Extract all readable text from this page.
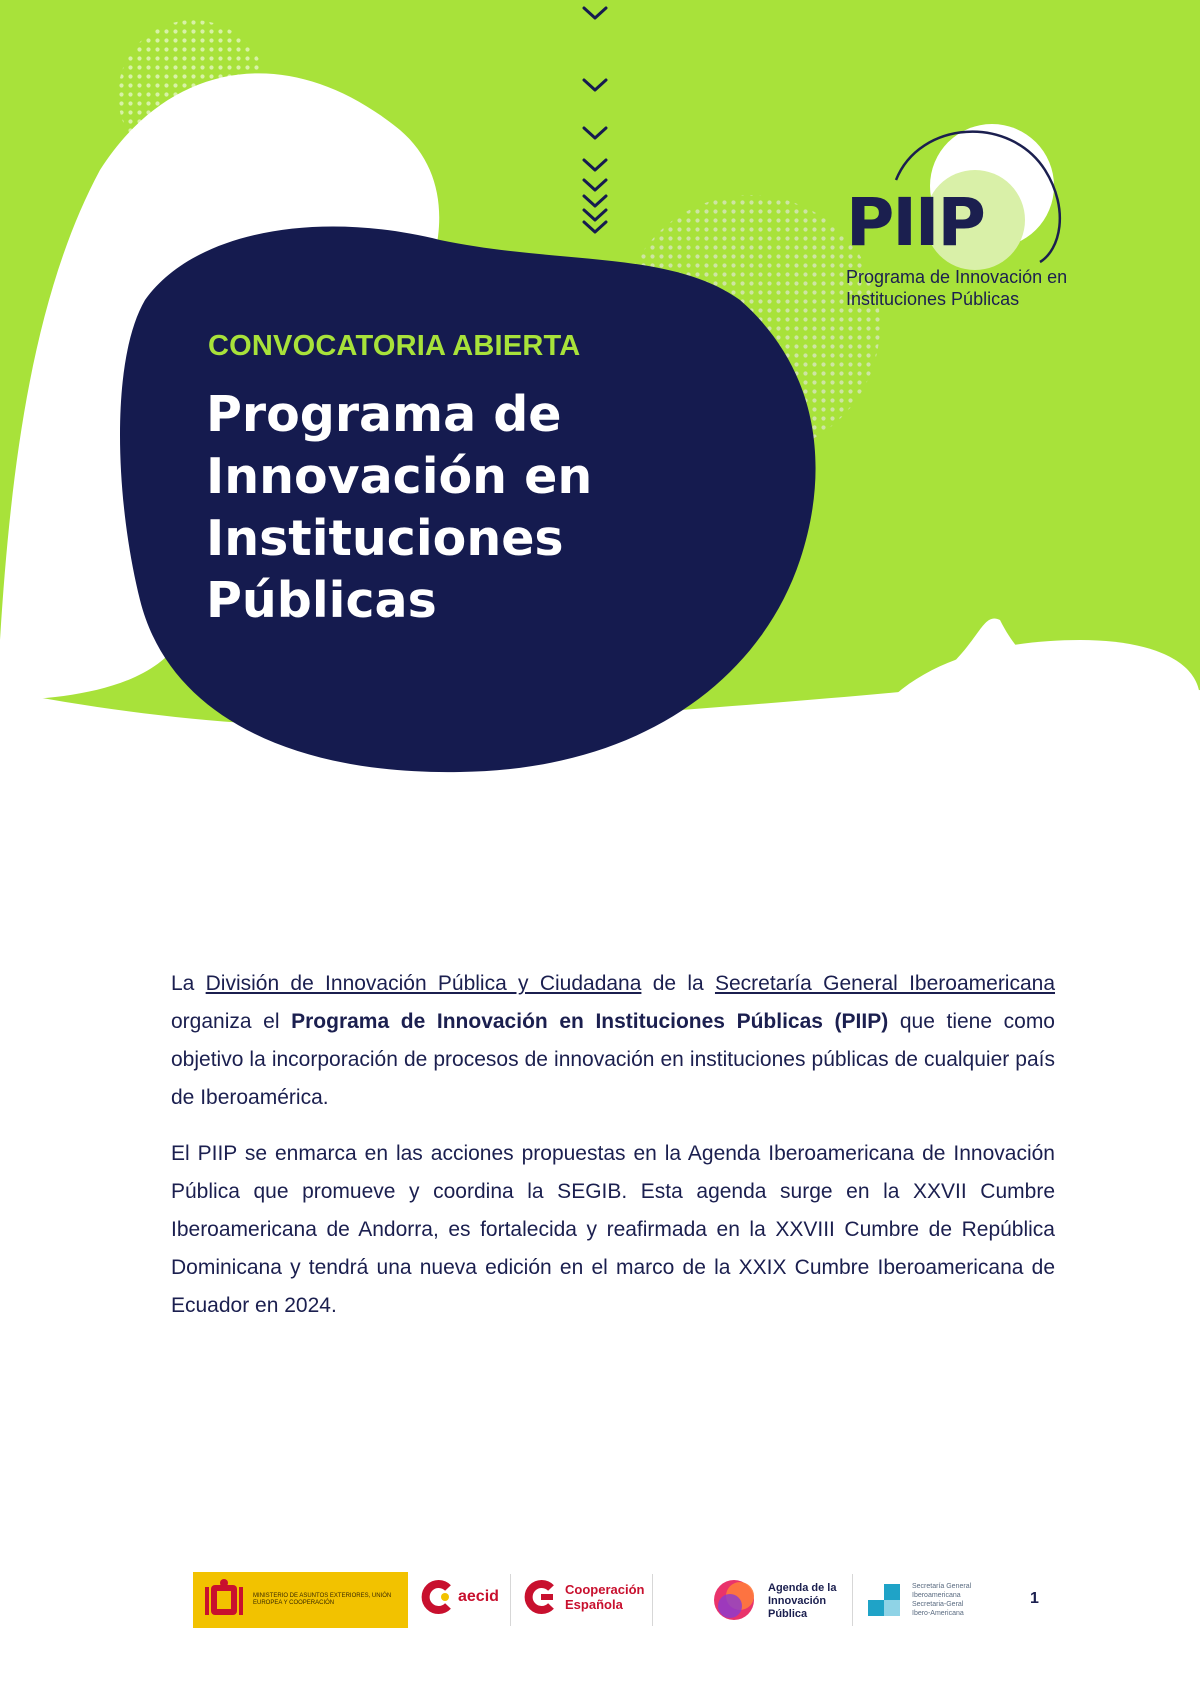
CONVOCATORIA ABIERTA

Programa de Innovación en Instituciones Públicas

PIIP

Programa de Innovación en
Instituciones Públicas

La División de Innovación Pública y Ciudadana de la Secretaría General Iberoamericana organiza el Programa de Innovación en Instituciones Públicas (PIIP) que tiene como objetivo la incorporación de procesos de innovación en instituciones públicas de cualquier país de Iberoamérica.

El PIIP se enmarca en las acciones propuestas en la Agenda Iberoamericana de Innovación Pública que promueve y coordina la SEGIB. Esta agenda surge en la XXVII Cumbre Iberoamericana de Andorra, es fortalecida y reafirmada en la XXVIII Cumbre de República Dominicana y tendrá una nueva edición en el marco de la XXIX Cumbre Iberoamericana de Ecuador en 2024.

MINISTERIO DE ASUNTOS EXTERIORES, UNIÓN EUROPEA Y COOPERACIÓN	aecid	Cooperación
Española
Agenda de la
Innovación
Pública
Secretaría General Iberoamericana
Secretaria-Geral Ibero-Americana

1
